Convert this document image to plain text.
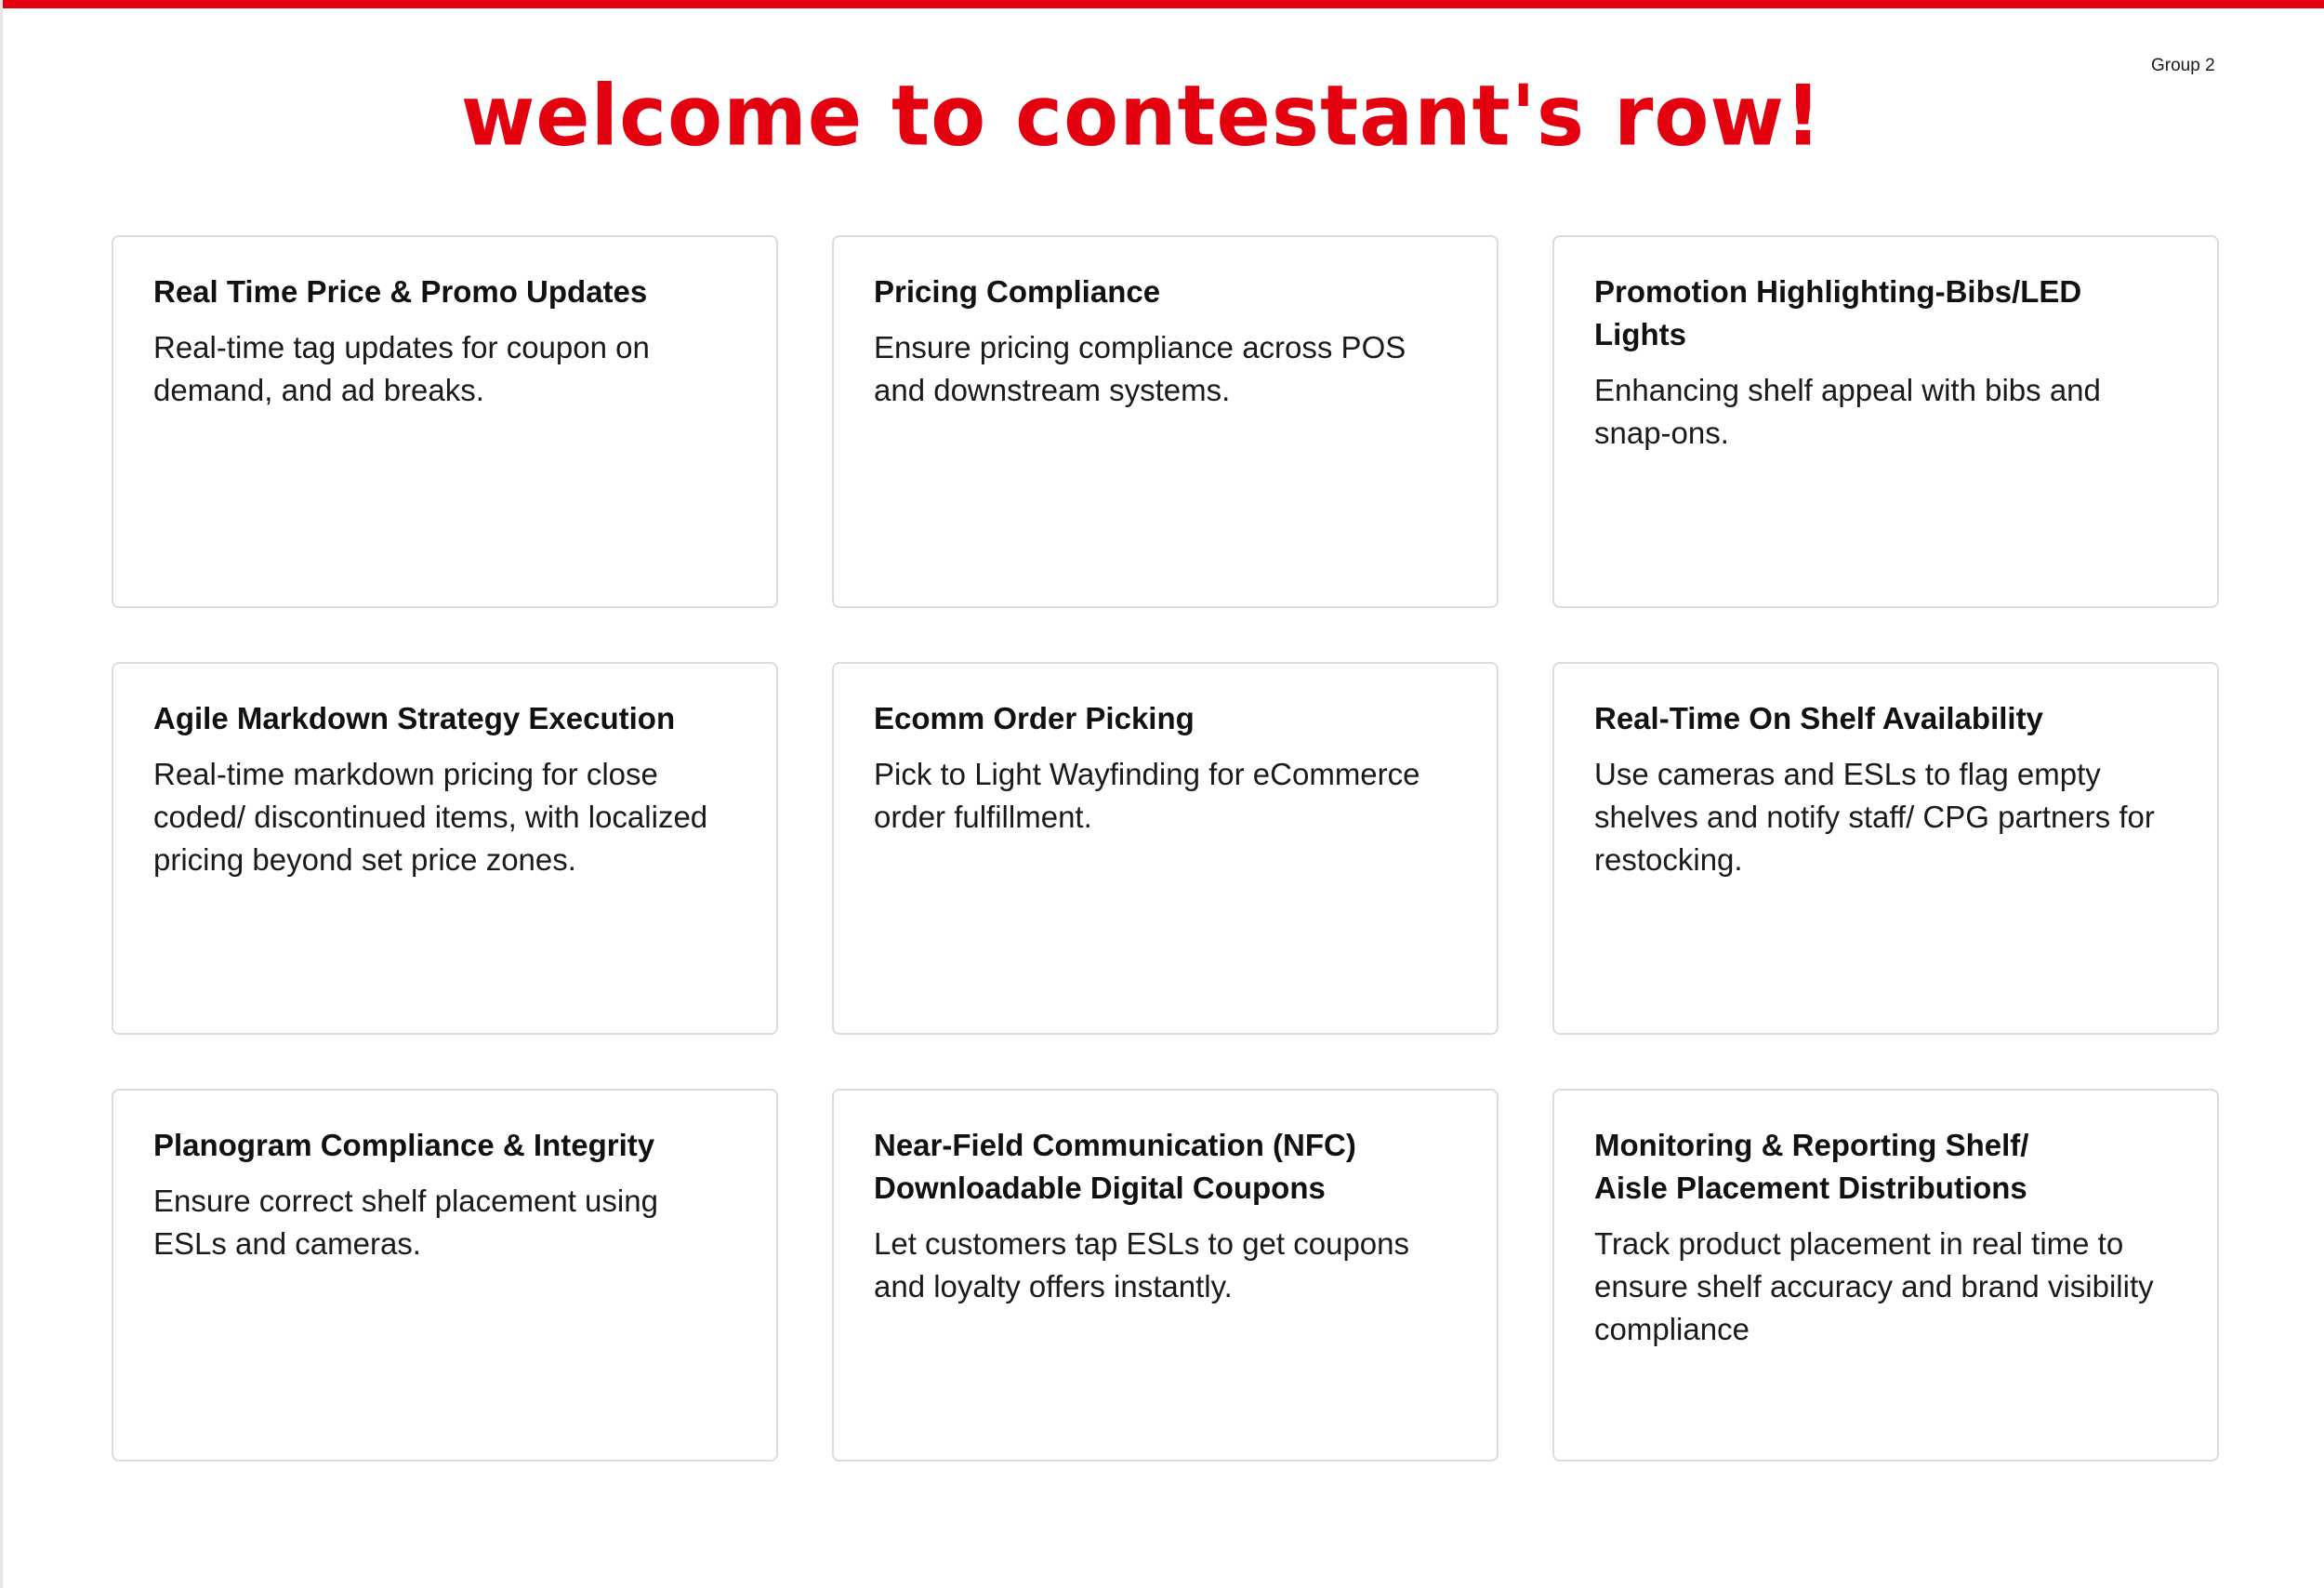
Group 2
welcome to contestant's row!
Real Time Price & Promo Updates

Real-time tag updates for coupon on demand, and ad breaks.

Pricing Compliance

Ensure pricing compliance across POS and downstream systems.

Promotion Highlighting-Bibs/LED Lights

Enhancing shelf appeal with bibs and snap-ons.

Agile Markdown Strategy Execution

Real-time markdown pricing for close coded/ discontinued items, with localized pricing beyond set price zones.

Ecomm Order Picking

Pick to Light Wayfinding for eCommerce order fulfillment.

Real-Time On Shelf Availability

Use cameras and ESLs to flag empty shelves and notify staff/ CPG partners for restocking.

Planogram Compliance & Integrity

Ensure correct shelf placement using ESLs and cameras.

Near-Field Communication (NFC) Downloadable Digital Coupons

Let customers tap ESLs to get coupons and loyalty offers instantly.

Monitoring & Reporting Shelf/ Aisle Placement Distributions

Track product placement in real time to ensure shelf accuracy and brand visibility compliance
